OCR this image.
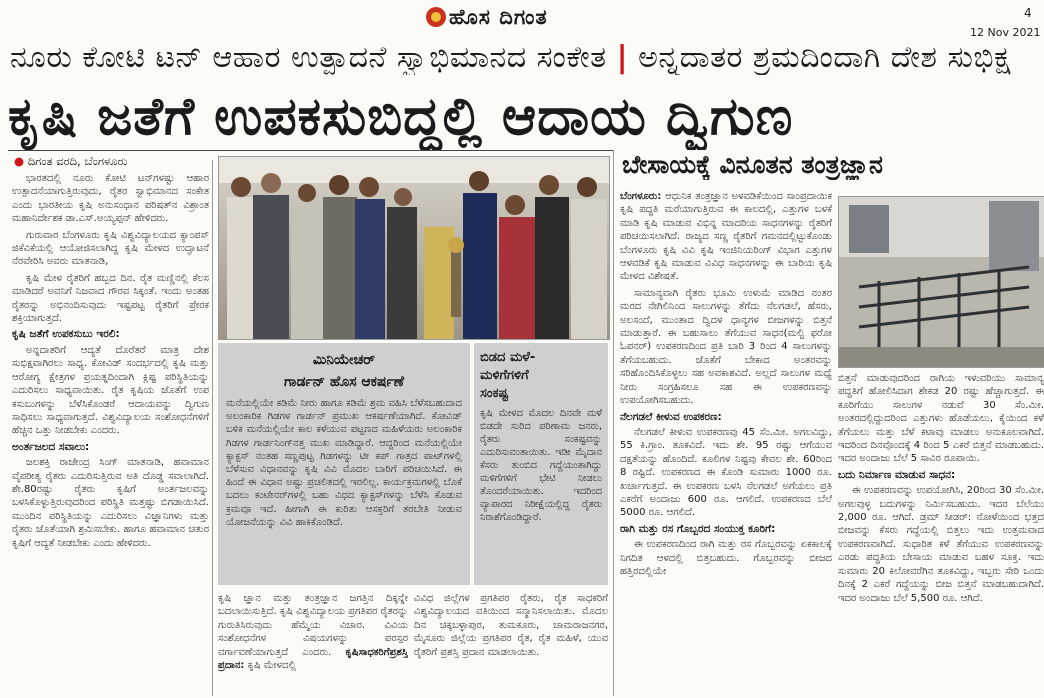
ಹೊಸ ದಿಗಂತ	4
12 Nov 2021
ನೂರು ಕೋಟಿ ಟನ್ ಆಹಾರ ಉತ್ಪಾದನೆ ಸ್ವಾಭಿಮಾನದ ಸಂಕೇತ | ಅನ್ನದಾತರ ಶ್ರಮದಿಂದಾಗಿ ದೇಶ ಸುಭಿಕ್ಷ
ಕೃಷಿ ಜತೆಗೆ ಉಪಕಸುಬಿದ್ದಲ್ಲಿ ಆದಾಯ ದ್ವಿಗುಣ
● ದಿಗಂತ ವರದಿ, ಬೆಂಗಳೂರು

ಭಾರತದಲ್ಲಿ ನೂರು ಕೋಟಿ ಟನ್‌ಗಳಷ್ಟು ಆಹಾರ ಉತ್ಪಾದನೆಯಾಗುತ್ತಿರುವುದು, ರೈತರ ಸ್ವಾಭಿಮಾನದ ಸಂಕೇತ ಎಂದು ಭಾರತೀಯ ಕೃಷಿ ಅನುಸಂಧಾನ ಪರಿಷತ್‌ನ ವಿಶ್ರಾಂತ ಮಹಾನಿರ್ದೇಶಕ ಡಾ.ಎಸ್.ಅಯ್ಯಪ್ಪನ್ ಹೇಳಿದರು.

ಗುರುವಾರ ಬೆಂಗಳೂರು ಕೃಷಿ ವಿಶ್ವವಿದ್ಯಾಲಯದ ಕ್ಯಾಂಪಸ್ ಜಿಕೆವಿಕೆಯಲ್ಲಿ ಆಯೋಜಿಸಲಾಗಿದ್ದ ಕೃಷಿ ಮೇಳದ ಉದ್ಘಾಟನೆ ನೆರವೇರಿಸಿ ಅವರು ಮಾತನಾಡಿ,

ಕೃಷಿ ಮೇಳ ರೈತರಿಗೆ ಹಬ್ಬದ ದಿನ. ರೈತ ಮಣ್ಣಿನಲ್ಲಿ ಕೆಲಸ ಮಾಡಿದರೆ ಅವನಿಗೆ ನಿಜವಾದ ಗೌರವ ಸಿಕ್ಕಂತೆ. ಇಂದು ಅಂತಹ ರೈತರನ್ನು ಅಭಿನಂದಿಸುವುದು ಇಷ್ಟಪಟ್ಟ ರೈತರಿಗೆ ಪ್ರೇರಕ ಶಕ್ತಿಯಾಗುತ್ತದೆ.

ಕೃಷಿ ಜತೆಗೆ ಉಪಕಸುಬು ಇರಲಿ:

ಅನ್ನದಾತರಿಗೆ ಆದ್ಯತೆ ದೊರೆತರೆ ಮಾತ್ರ ದೇಶ ಸುಭಿಕ್ಷವಾಗಿರಲು ಸಾಧ್ಯ. ಕೋವಿಡ್ ಸಂದರ್ಭದಲ್ಲಿ ಕೃಷಿ ಮತ್ತು ಆರೋಗ್ಯ ಕ್ಷೇತ್ರಗಳ ಪ್ರಯತ್ನದಿಂದಾಗಿ ಕ್ಲಿಷ್ಟ ಪರಿಸ್ಥಿತಿಯನ್ನು ಎದುರಿಸಲು ಸಾಧ್ಯವಾಯಿತು. ರೈತ ಕೃಷಿಯ ಜೊತೆಗೆ ಉಪ ಕಸುಬುಗಳನ್ನು ಬೆಳೆಸಿಕೊಂಡರೆ ಆದಾಯವನ್ನು ದ್ವಿಗುಣ ಸಾಧಿಸಲು ಸಾಧ್ಯವಾಗುತ್ತದೆ. ವಿಶ್ವವಿದ್ಯಾಲಯ ಸಂಶೋಧನೆಗಳಿಗೆ ಹೆಚ್ಚಿನ ಒತ್ತು ನೀಡಬೇಕು ಎಂದರು.

ಅಂರ್ತಜಲದ ಸವಾಲು:

ಜಲಶಕ್ತಿ ರಾಜೇಂದ್ರ ಸಿಂಗ್ ಮಾತನಾಡಿ, ಹವಾಮಾನ ವೈಪರೀತ್ಯ ರೈತರು ಎದುರಿಸುತ್ತಿರುವ ಅತಿ ದೊಡ್ಡ ಸವಾಲಾಗಿದೆ. ಶೇ.80ರಷ್ಟು ರೈತರು ಕೃಷಿಗೆ ಅಂರ್ತಜಲವನ್ನು ಬಳಸಿಕೊಳ್ಳುತ್ತಿರುವುದರಿಂದ ಪರಿಸ್ಥಿತಿ ಮತ್ತಷ್ಟು ಬಿಗಡಾಯಿಸಿದೆ. ಮುಂದಿನ ಪರಿಸ್ಥಿತಿಯನ್ನು ಎದುರಿಸಲು ವಿಜ್ಞಾನಿಗಳು ಮತ್ತು ರೈತರು ಜೊತೆಯಾಗಿ ಶ್ರಮಿಸಬೇಕು. ಹಾಗೂ ಹವಾಮಾನ ಚತುರ ಕೃಷಿಗೆ ಆದ್ಯತೆ ನೀಡಬೇಕು ಎಂದು ಹೇಳಿದರು.

ಮಿನಿಯೇಚರ್
ಗಾರ್ಡನ್ ಹೊಸ ಆಕರ್ಷಣೆ
ಮನೆಯಲ್ಲಿಯೇ ಕಡಿಮೆ ನೀರು ಹಾಗೂ ಕಡಿಮೆ ಶ್ರಮ ವಹಿಸಿ ಬೆಳೆಸಬಹುದಾದ ಅಲಂಕಾರಿಕ ಗಿಡಗಳ ಗಾರ್ಡನ್ ಪ್ರಮುಖ ಆಕರ್ಷಣೆಯಾಗಿದೆ. ಕೋವಿಡ್ ಬಳಿಕ ಮನೆಯಲ್ಲಿಯೇ ಕಾಲ ಕಳೆಯುವ ಪಟ್ಟಣದ ಮಹಿಳೆಯರು ಅಲಂಕಾರಿಕ ಗಿಡಗಳ ಗಾರ್ಡನಿಂಗ್‌ನತ್ತ ಮುಖ ಮಾಡಿದ್ದಾರೆ. ಆದ್ದರಿಂದ ಮನೆಯಲ್ಲಿಯೇ ಕ್ಯಾಕ್ಟಸ್ ನಂತಹ ಸಣ್ಣಪುಟ್ಟ ಗಿಡಗಳನ್ನು ಟೀ ಕಪ್ ಗಾತ್ರದ ಪಾಟ್‌ಗಳಲ್ಲಿ ಬೆಳೆಸುವ ವಿಧಾನವನ್ನು ಕೃಷಿ ವಿವಿ ಮೊದಲ ಬಾರಿಗೆ ಪರಿಚಯಿಸಿದೆ. ಈ ಹಿಂದೆ ಈ ವಿಧಾನ ಅಷ್ಟು ಪ್ರಚಲಿತದಲ್ಲಿ ಇರಲಿಲ್ಲ. ಕಾರ್ಯಕ್ರಮಗಳಲ್ಲಿ ಬೊಕೆ ಬದಲು ಕಂಟೇನರ್‌ಗಳಲ್ಲಿ ಬಹು ವಿಧದ ಕ್ಯಾಕ್ಟಸ್‌ಗಳನ್ನು ಬೆಳೆಸಿ ಕೊಡುವ ಕ್ರಮವೂ ಇದೆ. ಹೀಗಾಗಿ ಈ ಕುರಿತು ಆಸಕ್ತರಿಗೆ ತರಬೇತಿ ನೀಡುವ ಯೋಜನೆಯನ್ನು ವಿವಿ ಹಾಕಿಕೊಂಡಿದೆ.
ಬಿಡದ ಮಳೆ-
ಮಳಿಗೆಗಳಿಗೆ
ಸಂಕಷ್ಟ
ಕೃಷಿ ಮೇಳದ ಮೊದಲ ದಿನವೇ ಮಳೆ ಬಿಡದೇ ಸುರಿದ ಪರಿಣಾಮ ಜನರು, ರೈತರು ಸಂಕಷ್ಟವನ್ನು ಎದುರಿಸುವಂತಾಯಿತು. ಇಡೀ ಮೈದಾನ ಕೆಸರು ತುಂಬಿದ ಗದ್ದೆಯಂತಾಗಿದ್ದು ಮಳಿಗೆಗಳಿಗೆ ಭೇಟಿ ನೀಡಲು ತೊಂದರೆಯಾಯಿತು. ಇದರಿಂದ ವ್ಯಾಪಾರದ ನಿರೀಕ್ಷೆಯಲ್ಲಿದ್ದ ರೈತರು ನಿರಾಶೆಗೊಂಡಿದ್ದಾರೆ.
ಕೃಷಿ ಜ್ಞಾನ ಮತ್ತು ತಂತ್ರಜ್ಞಾನ ಜಗತ್ತಿನ ದಿಕ್ಕನ್ನೇ ಬದಲಾಯಿಸುತ್ತಿದೆ. ಕೃಷಿ ವಿಶ್ವವಿದ್ಯಾಲಯ ಪ್ರಗತಿಪರ ರೈತರನ್ನು ಗುರುತಿಸಿರುವುದು ಹೆಮ್ಮೆಯ ವಿಚಾರ. ವಿವಿಯ ಸಂಶೋಧನೆಗಳ ವಿಷಯಗಳನ್ನು ಪರಸ್ಪರ ವರ್ಗಾವಣೆಯಾಗುತ್ತದೆ ಎಂದರು. ಕೃಷಿಸಾಧಕರಿಗೆಪ್ರಶಸ್ತಿ ಪ್ರದಾನ: ಕೃಷಿ ಮೇಳದಲ್ಲಿ
ವಿವಿಧ ಜಿಲ್ಲೆಗಳ ಪ್ರಗತಿಪರ ರೈತರು, ರೈತ ಸಾಧಕರಿಗೆ ವಿಶ್ವವಿದ್ಯಾಲಯದ ವತಿಯಿಂದ ಸನ್ಮಾನಿಸಲಾಯಿತು. ಮೊದಲ ದಿನ ಚಿಕ್ಕಬಳ್ಳಾಪುರ, ತುಮಕೂರು, ಚಾಮರಾಜನಗರ, ಮೈಸೂರು ಜಿಲ್ಲೆಯ ಪ್ರಗತಿಪರ ರೈತ, ರೈತ ಮಹಿಳೆ, ಯುವ ರೈತರಿಗೆ ಪ್ರಶಸ್ತಿ ಪ್ರದಾನ ಮಾಡಲಾಯಿತು.
ಬೇಸಾಯಕ್ಕೆ ವಿನೂತನ ತಂತ್ರಜ್ಞಾನ

ಬೆಂಗಳೂರು: ಆಧುನಿಕ ತಂತ್ರಜ್ಞಾನ ಅಳವಡಿಕೆಯಿಂದ ಸಾಂಪ್ರದಾಯಿಕ ಕೃಷಿ ಪದ್ಧತಿ ಮರೆಯಾಗುತ್ತಿರುವ ಈ ಕಾಲದಲ್ಲಿ, ಎತ್ತುಗಳ ಬಳಕೆ ಮಾಡಿ ಕೃಷಿ ಮಾಡುವ ವಿಭಿನ್ನ ಮಾದರಿಯ ಸಾಧನಗಳನ್ನು ರೈತರಿಗೆ ಪರಿಚಯಿಸಲಾಗಿದೆ. ರಾಜ್ಯದ ಸಣ್ಣ ರೈತರಿಗೆ ಗಮನದಲ್ಲಿಟ್ಟುಕೊಂಡು ಬೆಂಗಳೂರು ಕೃಷಿ ವಿವಿ ಕೃಷಿ ಇಂಜಿನಿಯರಿಂಗ್ ವಿಭಾಗ ಎತ್ತುಗಳ ಆಳವಡಿಕೆ ಕೃಷಿ ಮಾಡುವ ವಿವಿಧ ಸಾಧನಗಳನ್ನು ಈ ಬಾರಿಯ ಕೃಷಿ ಮೇಳದ ವಿಶೇಷತೆ.

ಸಾಮಾನ್ಯವಾಗಿ ರೈತರು ಭೂಮಿ ಉಳುಮೆ ಮಾಡಿದ ನಂತರ ಮರದ ನೇಗಿಲಿನಿಂದ ಸಾಲುಗಳನ್ನು ತೆಗೆದು ನೆಲಗಡಲೆ, ಹೆಸರು, ಅಲಸಂದೆ, ಮುಂತಾದ ದ್ವಿದಳ ಧಾನ್ಯಗಳ ಬೀಜಗಳನ್ನು ಬಿತ್ತನೆ ಮಾಡುತ್ತಾರೆ. ಈ ಬಹುಸಾಲು ತೆಗೆಯುವ ಸಾಧನ(ಮಲ್ಟಿ ಫರೋ ಓಪನರ್) ಉಪಕರಣದಿಂದ ಪ್ರತಿ ಬಾರಿ 3 ರಿಂದ 4 ಸಾಲುಗಳನ್ನು ತೆಗೆಯಬಹುದು. ಜೊತೆಗೆ ಬೇಕಾದ ಅಂತರವನ್ನು ಸರಿಹೊಂದಿಸಿಕೊಳ್ಳಲು ಸಹ ಅವಕಾಶವಿದೆ. ಅಲ್ಲದೆ ಸಾಲುಗಳ ಮಧ್ಯೆ ನೀರು ಸಂಗ್ರಹಿಸಲೂ ಸಹ ಈ ಉಪಕರಣವನ್ನು ಉಪಯೋಗಿಸಬಹುದು.

ನೆಲಗಡಲೆ ಕೀಳುವ ಉಪಕರಣ:

ನೆಲಗಡಲೆ ಕೀಳುವ ಉಪಕರಣವು 45 ಸೆಂ.ಮೀ. ಅಗಲವಿದ್ದು, 55 ಕಿ.ಗ್ರಾಂ. ತೂಕವಿದೆ. ಇದು ಶೇ. 95 ರಷ್ಟು ಆಗೆಯುವ ದಕ್ಷತೆಯನ್ನು ಹೊಂದಿದೆ. ಕೂಲಿಗಳ ನಿಷ್ಟವು ಕೇವಲ ಶೇ. 60ರಿಂದ 8 ರಷ್ಟಿದೆ. ಉಪಕರಣದ ಈ ಕೊಂಡಿ ಸುಮಾರು 1000 ರೂ. ಖರ್ಚಾಗುತ್ತದೆ. ಈ ಉಪಕರಣ ಬಳಸಿ ನೆಲಗಡಲೆ ಅಗೆಯಲು ಪ್ರತಿ ಎಕರೆಗೆ ಅಂದಾಜು 600 ರೂ. ಆಗಲಿದೆ. ಉಪಕರಣದ ಬೆಲೆ 5000 ರೂ. ಆಗಲಿದೆ.

ರಾಗಿ ಮತ್ತು ರಸ ಗೊಬ್ಬರದ ಸಂಯುಕ್ತ ಕೂರಿಗೆ:

ಈ ಉಪಕರಣದಿಂದ ರಾಗಿ ಮತ್ತು ರಸ ಗೊಬ್ಬರವನ್ನು ಏಕಕಾಲಕ್ಕೆ ನಿಗದಿತ ಆಳದಲ್ಲಿ ಬಿತ್ತಬಹುದು. ಗೊಬ್ಬರವನ್ನು ಬೀಜದ ಹತ್ತಿರದಲ್ಲಿಯೇ

ಬಿತ್ತನೆ ಮಾಡುವುದರಿಂದ ರಾಗಿಯ ಇಳುವರಿಯು ಸಾಮಾನ್ಯ ಪದ್ಧತಿಗೆ ಹೋಲಿಸಿದಾಗ ಶೇಕಡ 20 ರಷ್ಟು ಹೆಚ್ಚಾಗುತ್ತದೆ. ಈ ಕೂರಿಗೆಯು ಸಾಲುಗಳ ನಡುವೆ 30 ಸೆಂ.ಮೀ. ಅಂತರದಲ್ಲಿದ್ದುದರಿಂದ ಎತ್ತುಗಳು ಹೊಡೆಯಲು, ಕೈಯಿಂದ ಕಳೆ ತೆಗೆಯಲು ಮತ್ತು ಬೆಳೆ ಕಟಾವು ಮಾಡಲು ಅನುಕೂಲವಾಗಿದೆ. ಇದರಿಂದ ದಿನವೊಂದಕ್ಕೆ 4 ರಿಂದ 5 ಎಕರೆ ಬಿತ್ತನೆ ಮಾಡಬಹುದು. ಇದರ ಅಂದಾಜು ಬೆಲೆ 5 ಸಾವಿರ ರೂಪಾಯಿ.

ಬದು ನಿರ್ಮಾಣ ಮಾಡುವ ಸಾಧನ:

ಈ ಉಪಕರಣವನ್ನು ಉಪಯೋಗಿಸಿ, 20ರಿಂದ 30 ಸೆಂ.ಮೀ. ಅಗಲವುಳ್ಳ ಬದುಗಳನ್ನು ನಿರ್ಮಿಸಬಹುದು. ಇದರ ಬೆಲೆಯು 2,000 ರೂ. ಆಗಿದೆ. ಡ್ರಮ್ ಸೀಡರ್: ನೋಳೆಯಿಂದ ಭತ್ತದ ಬೀಜವನ್ನು ಕೆಸರು ಗದ್ದೆಯಲ್ಲಿ ಬಿತ್ತಲು ಇದು ಉತ್ತಮವಾದ ಉಪಕರಣವಾಗಿದೆ. ಸುಧಾರಿತ ಕಳೆ ತೆಗೆಯುವ ಉಪಕರಣವನ್ನು ಎರಡು ಪದ್ಧತಿಯ ಬೇಸಾಯ ಮಾಡುವ ಬಹಳ ಸೂಕ್ತ. ಇದು ಸುಮಾರು 20 ಕಿಲೋವರೆಗಿನ ತೂಕವಿದ್ದು, ಇಬ್ಬರು ಸೇರಿ ಒಂದು ದಿನಕ್ಕೆ 2 ಎಕರೆ ಗದ್ದೆಯನ್ನು ಬೀಜ ಬಿತ್ತನೆ ಮಾಡಬಹುದಾಗಿದೆ. ಇದರ ಅಂದಾಜು ಬೆಲೆ 5,500 ರೂ. ಆಗಿದೆ.
